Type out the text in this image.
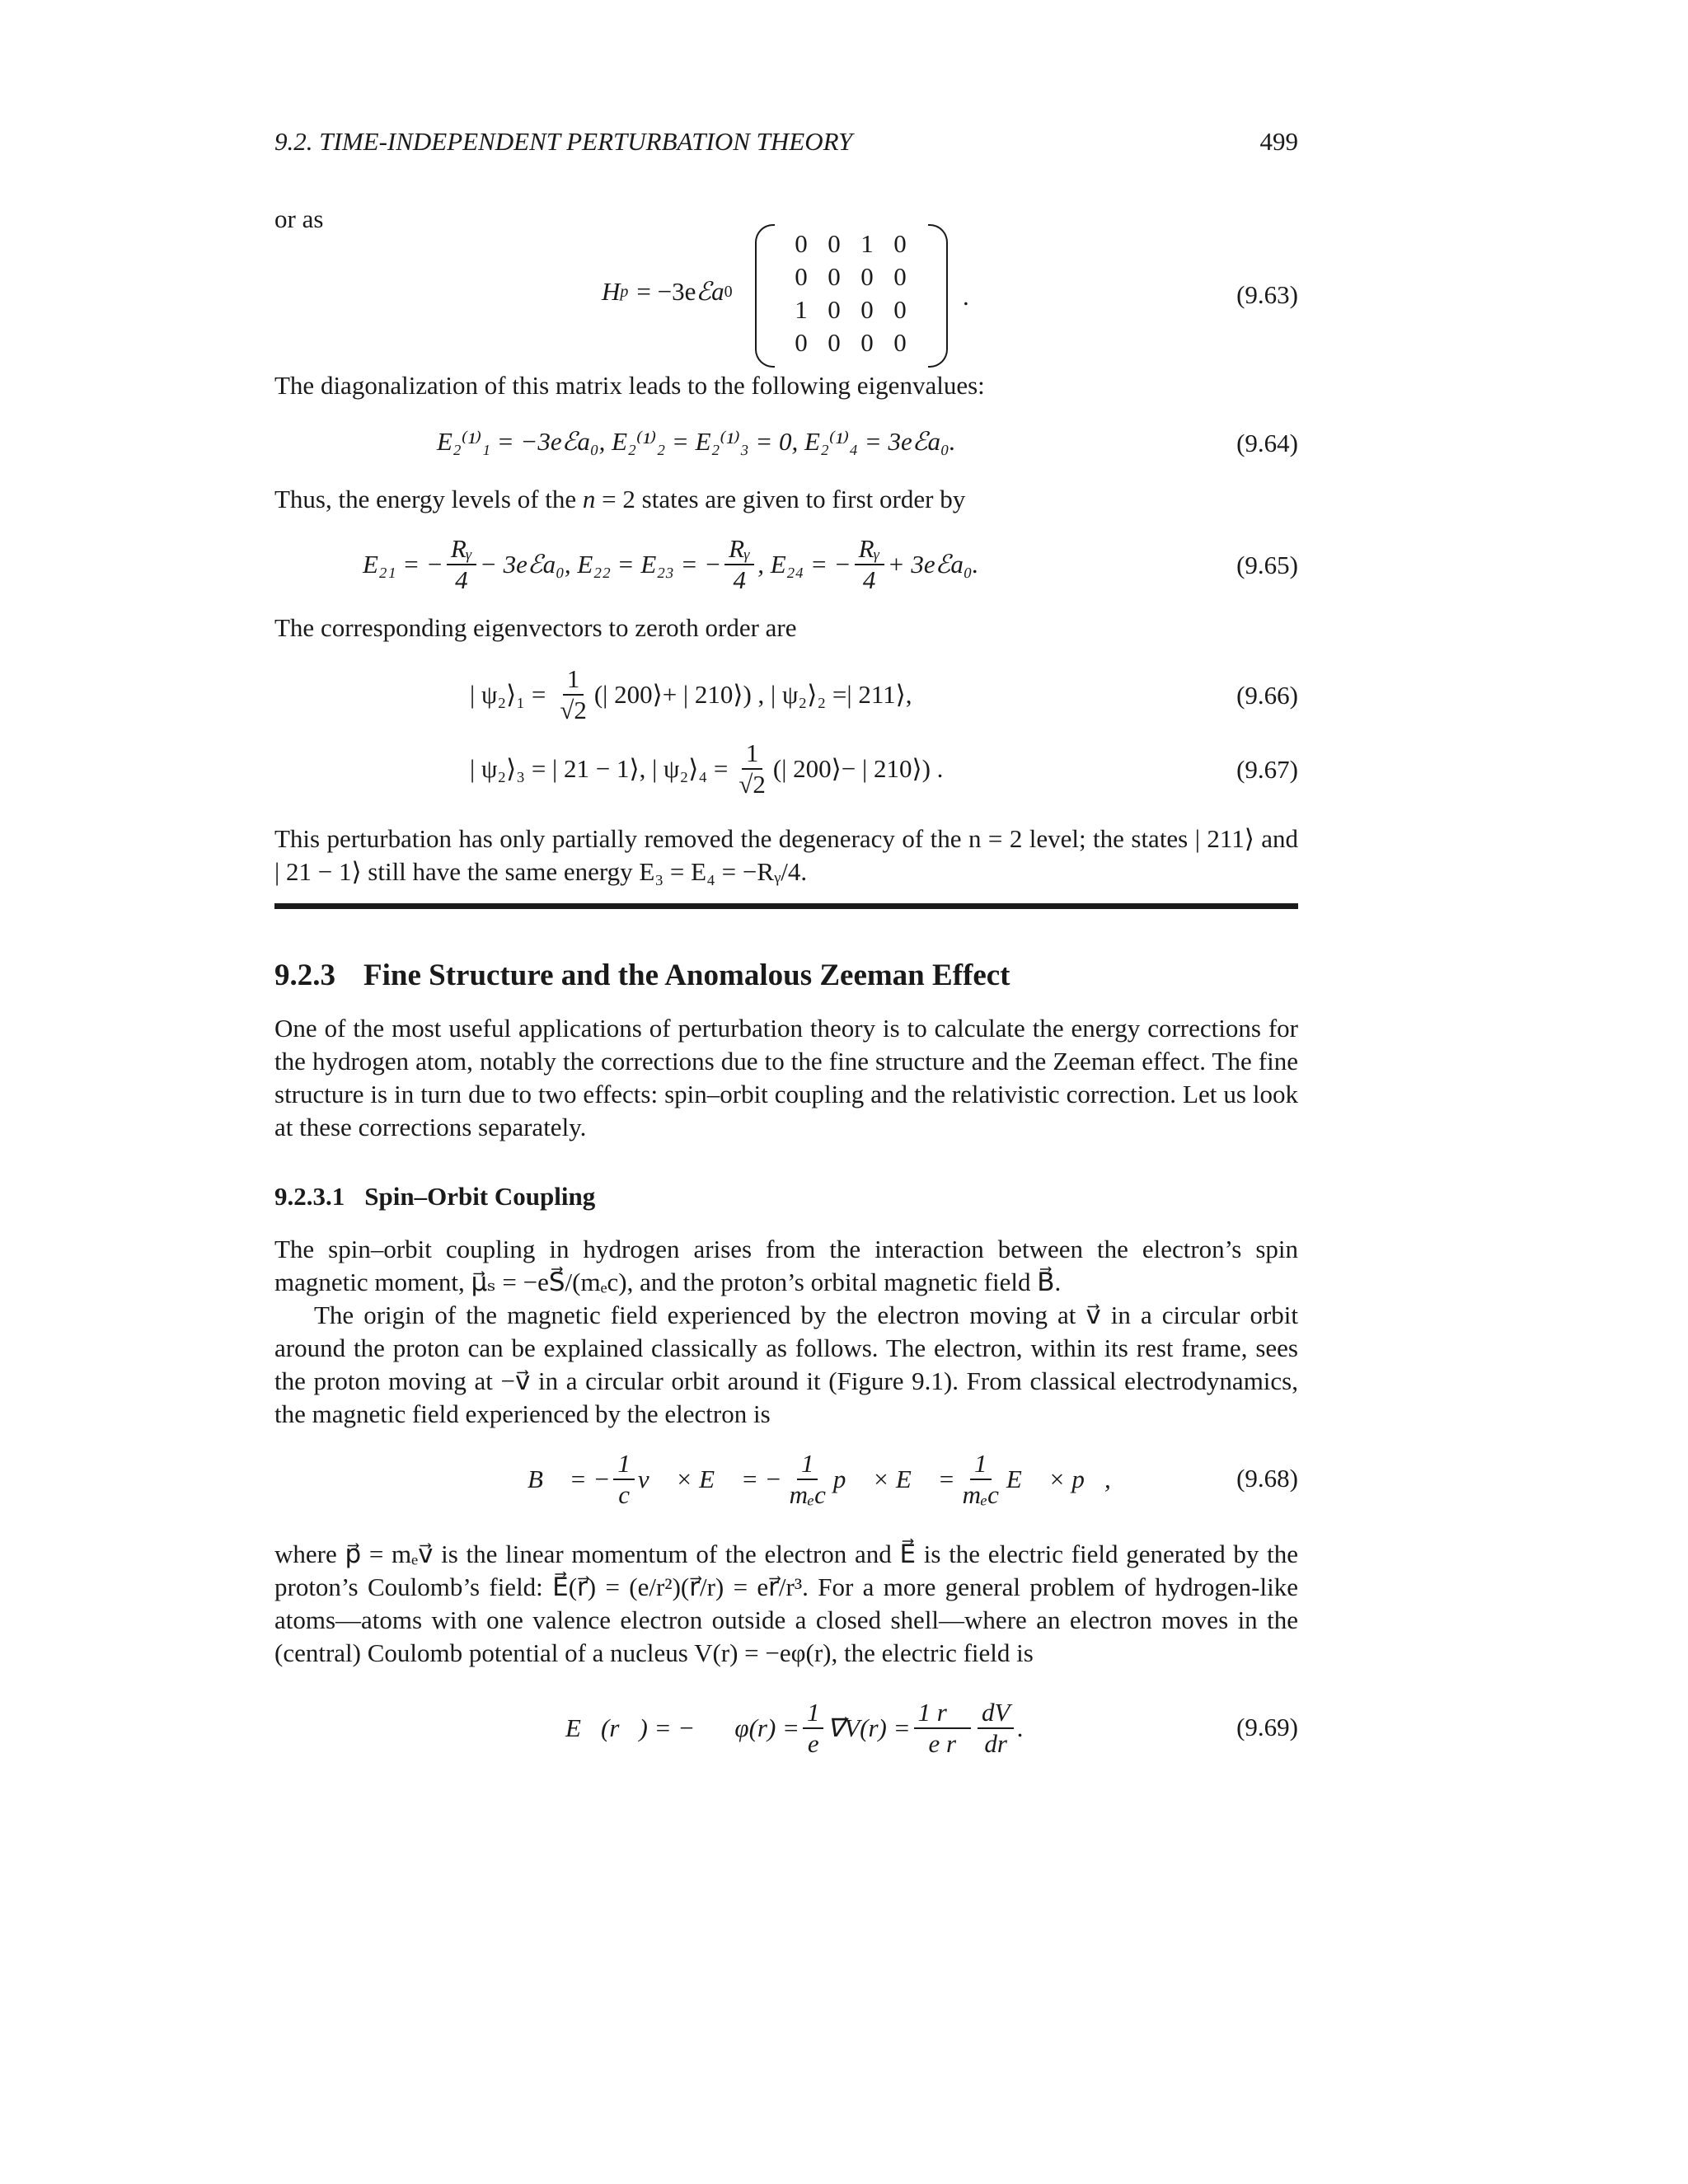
9.2. TIME-INDEPENDENT PERTURBATION THEORY	499
or as
H p = −3e ℰ a 0
0	0	1	0
0	0	0	0
1	0	0	0
0	0	0	0
.	(9.63)
The diagonalization of this matrix leads to the following eigenvalues:
E₂⁽¹⁾₁ = −3eℰa₀, E₂⁽¹⁾₂ = E₂⁽¹⁾₃ = 0, E₂⁽¹⁾₄ = 3eℰa₀.	(9.64)
Thus, the energy levels of the n = 2 states are given to first order by
E₂₁ = − $\frac{\text{Rᵧ}}{4}$ − 3eℰa₀, E₂₂ = E₂₃ = − $\frac{\text{Rᵧ}}{4}$ , E₂₄ = − $\frac{\text{Rᵧ}}{4}$ + 3eℰa₀.	(9.65)
The corresponding eigenvectors to zeroth order are
| ψ₂⟩₁ = $\frac{1}{√2}$ (| 200⟩+ | 210⟩) , | ψ₂⟩₂ =| 211⟩,	(9.66)
| ψ₂⟩₃ = | 21 − 1⟩, | ψ₂⟩₄ = $\frac{1}{√2}$ (| 200⟩− | 210⟩) .	(9.67)
This perturbation has only partially removed the degeneracy of the n = 2 level; the states | 211⟩ and | 21 − 1⟩ still have the same energy E₃ = E₄ = −Rᵧ/4.
9.2.3 Fine Structure and the Anomalous Zeeman Effect
One of the most useful applications of perturbation theory is to calculate the energy corrections for the hydrogen atom, notably the corrections due to the fine structure and the Zeeman effect. The fine structure is in turn due to two effects: spin–orbit coupling and the relativistic correction. Let us look at these corrections separately.
9.2.3.1 Spin–Orbit Coupling
The spin–orbit coupling in hydrogen arises from the interaction between the electron’s spin magnetic moment, μ⃗ₛ = −eS⃗/(mₑc), and the proton’s orbital magnetic field B⃗.
The origin of the magnetic field experienced by the electron moving at v⃗ in a circular orbit around the proton can be explained classically as follows. The electron, within its rest frame, sees the proton moving at −v⃗ in a circular orbit around it (Figure 9.1). From classical electrodynamics, the magnetic field experienced by the electron is
B⃗ = − $\frac{1}{c}$ v⃗ × E⃗ = − $\frac{1}{\text{mₑc}}$ p⃗ × E⃗ = $\frac{1}{\text{mₑc}}$ E⃗ × p⃗,	(9.68)
where p⃗ = mₑv⃗ is the linear momentum of the electron and E⃗ is the electric field generated by the proton’s Coulomb’s field: E⃗(r⃗) = (e/r²)(r⃗/r) = er⃗/r³. For a more general problem of hydrogen-like atoms—atoms with one valence electron outside a closed shell—where an electron moves in the (central) Coulomb potential of a nucleus V(r) = −eφ(r), the electric field is
E⃗(r⃗) = −∇⃗φ(r) = $\frac{1}{e}$ ∇⃗V(r) = $\frac{1 r⃗}{\text{e r}} \frac{dV}{dr}$ .	(9.69)
